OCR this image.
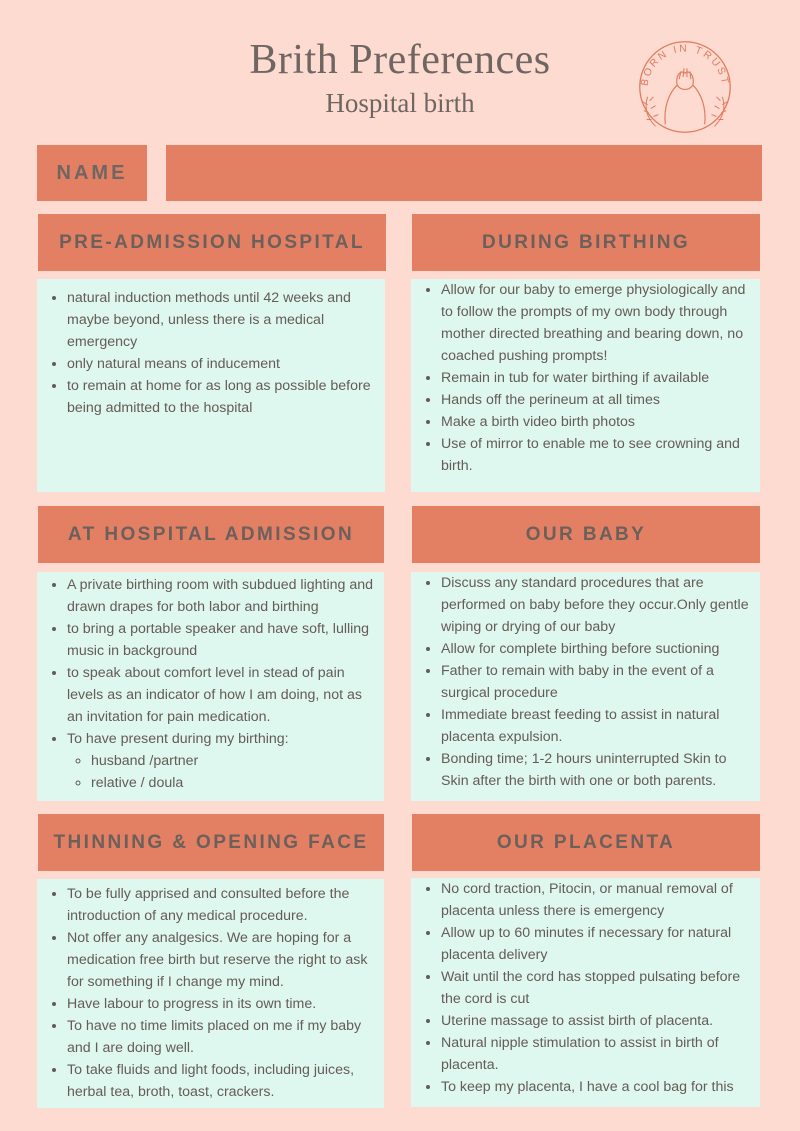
Brith Preferences
Hospital birth
BORN IN TRUST
NAME
PRE-ADMISSION HOSPITAL
• natural induction methods until 42 weeks and maybe beyond, unless there is a medical emergency
• only natural means of inducement
• to remain at home for as long as possible before being admitted to the hospital
DURING BIRTHING
• Allow for our baby to emerge physiologically and to follow the prompts of my own body through mother directed breathing and bearing down, no coached pushing prompts!
• Remain in tub for water birthing if available
• Hands off the perineum at all times
• Make a birth video birth photos
• Use of mirror to enable me to see crowning and birth.
AT HOSPITAL ADMISSION
• A private birthing room with subdued lighting and drawn drapes for both labor and birthing
• to bring a portable speaker and have soft, lulling music in background
• to speak about comfort level in stead of pain levels as an indicator of how I am doing, not as an invitation for pain medication.
• To have present during my birthing:
◦ husband /partner
◦ relative / doula
OUR BABY
• Discuss any standard procedures that are performed on baby before they occur.Only gentle wiping or drying of our baby
• Allow for complete birthing before suctioning
• Father to remain with baby in the event of a surgical procedure
• Immediate breast feeding to assist in natural placenta expulsion.
• Bonding time; 1-2 hours uninterrupted Skin to Skin after the birth with one or both parents.
THINNING & OPENING FACE
• To be fully apprised and consulted before the introduction of any medical procedure.
• Not offer any analgesics. We are hoping for a medication free birth but reserve the right to ask for something if I change my mind.
• Have labour to progress in its own time.
• To have no time limits placed on me if my baby and I are doing well.
• To take fluids and light foods, including juices, herbal tea, broth, toast, crackers.
OUR PLACENTA
• No cord traction, Pitocin, or manual removal of placenta unless there is emergency
• Allow up to 60 minutes if necessary for natural placenta delivery
• Wait until the cord has stopped pulsating before the cord is cut
• Uterine massage to assist birth of placenta.
• Natural nipple stimulation to assist in birth of placenta.
• To keep my placenta, I have a cool bag for this
